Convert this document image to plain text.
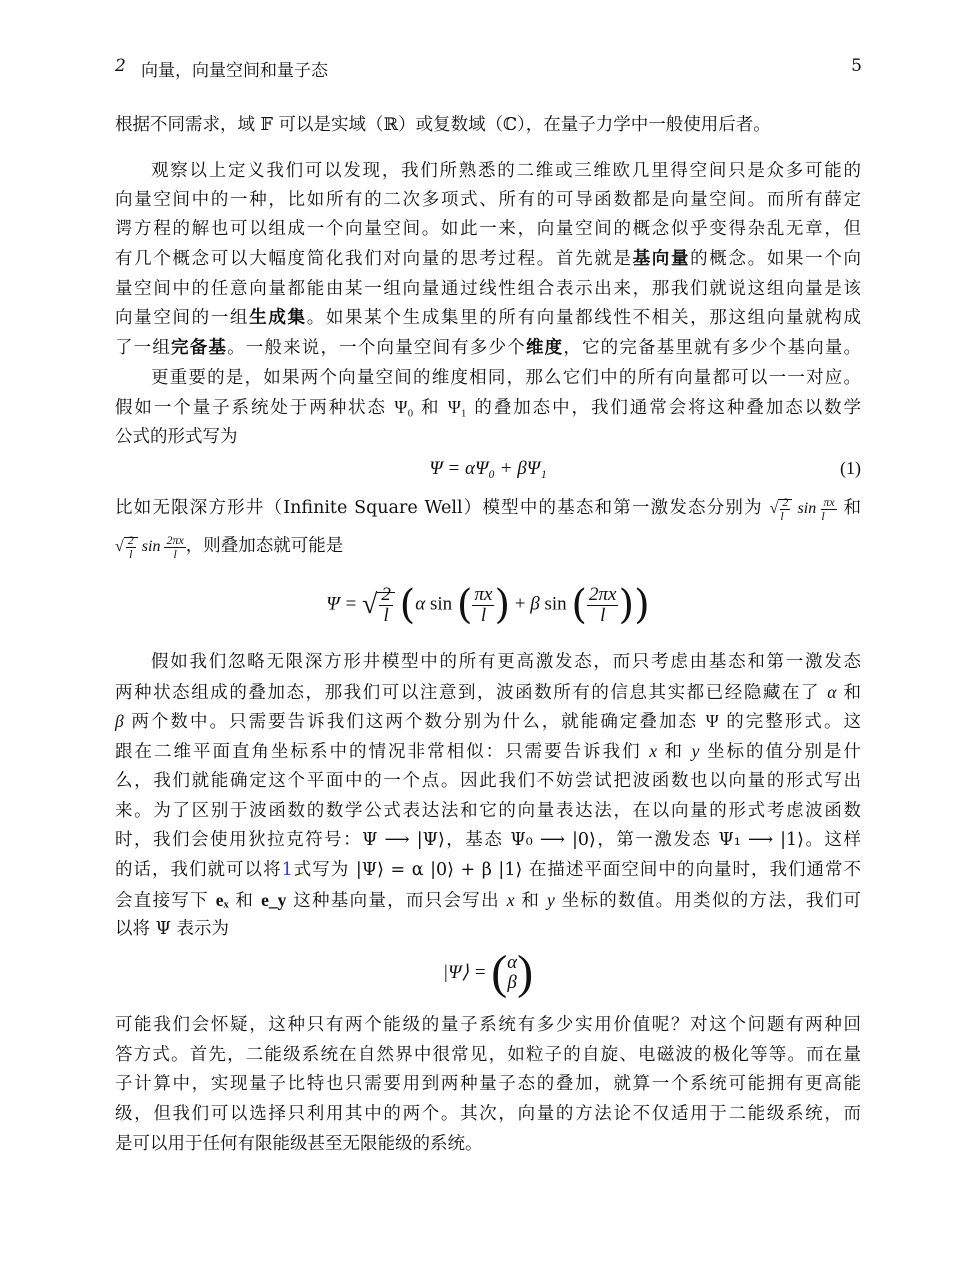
2 向量，向量空间和量子态	5
根据不同需求，域 𝔽 可以是实域（ℝ）或复数域（ℂ），在量子力学中一般使用后者。
观察以上定义我们可以发现，我们所熟悉的二维或三维欧几里得空间只是众多可能的
向量空间中的一种，比如所有的二次多项式、所有的可导函数都是向量空间。而所有薛定
谔方程的解也可以组成一个向量空间。如此一来，向量空间的概念似乎变得杂乱无章，但
有几个概念可以大幅度简化我们对向量的思考过程。首先就是基向量的概念。如果一个向
量空间中的任意向量都能由某一组向量通过线性组合表示出来，那我们就说这组向量是该
向量空间的一组生成集。如果某个生成集里的所有向量都线性不相关，那这组向量就构成
了一组完备基。一般来说，一个向量空间有多少个维度，它的完备基里就有多少个基向量。
更重要的是，如果两个向量空间的维度相同，那么它们中的所有向量都可以一一对应。
假如一个量子系统处于两种状态 Ψ₀ 和 Ψ₁ 的叠加态中，我们通常会将这种叠加态以数学
公式的形式写为
Ψ = αΨ₀ + βΨ₁	(1)
比如无限深方形井（Infinite Square Well）模型中的基态和第一激发态分别为 √ $\frac{2}{l}$ $\sin \frac{\pi x}{l}$ 和
√ $\frac{2}{l}$ $\sin \frac{2\pi x}{l}$ ，则叠加态就可能是
Ψ = √ $\frac{2}{l} (\alpha$ sin ( $\frac{\pi x}{l}$ ) + β sin ( $\frac{2\pi x}{l}$ ))
假如我们忽略无限深方形井模型中的所有更高激发态，而只考虑由基态和第一激发态
两种状态组成的叠加态，那我们可以注意到，波函数所有的信息其实都已经隐藏在了 α 和
β 两个数中。只需要告诉我们这两个数分别为什么，就能确定叠加态 Ψ 的完整形式。这
跟在二维平面直角坐标系中的情况非常相似：只需要告诉我们 x 和 y 坐标的值分别是什
么，我们就能确定这个平面中的一个点。因此我们不妨尝试把波函数也以向量的形式写出
来。为了区别于波函数的数学公式表达法和它的向量表达法，在以向量的形式考虑波函数
时，我们会使用狄拉克符号：Ψ ⟶ |Ψ⟩，基态 Ψ₀ ⟶ |0⟩，第一激发态 Ψ₁ ⟶ |1⟩。这样
的话，我们就可以将1式写为 |Ψ⟩ = α |0⟩ + β |1⟩ 在描述平面空间中的向量时，我们通常不
会直接写下 eₓ 和 e_y 这种基向量，而只会写出 x 和 y 坐标的数值。用类似的方法，我们可
以将 Ψ 表示为
|Ψ⟩ = ( α
β )
可能我们会怀疑，这种只有两个能级的量子系统有多少实用价值呢？对这个问题有两种回
答方式。首先，二能级系统在自然界中很常见，如粒子的自旋、电磁波的极化等等。而在量
子计算中，实现量子比特也只需要用到两种量子态的叠加，就算一个系统可能拥有更高能
级，但我们可以选择只利用其中的两个。其次，向量的方法论不仅适用于二能级系统，而
是可以用于任何有限能级甚至无限能级的系统。
